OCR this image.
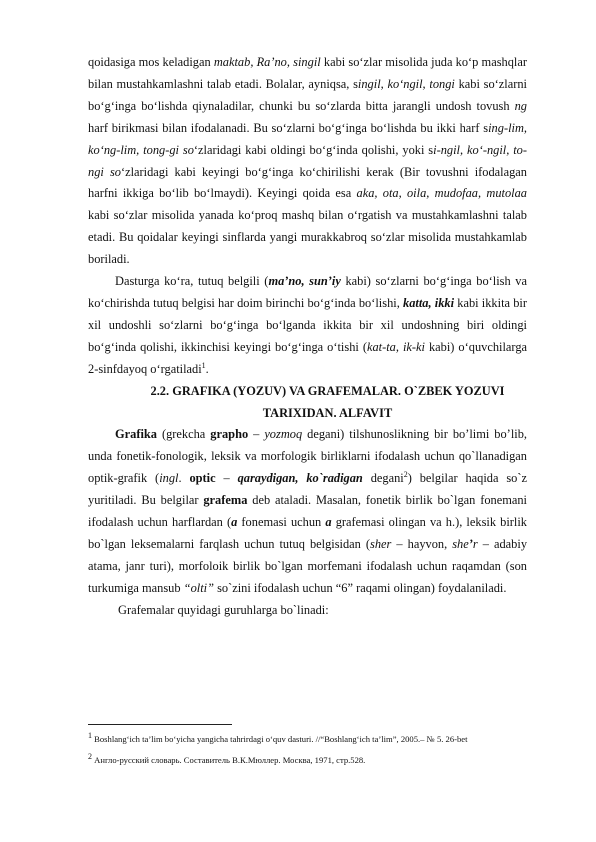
qoidasiga mos keladigan maktab, Ra’no, singil kabi so‘zlar misolida juda ko‘p mashqlar bilan mustahkamlashni talab etadi. Bolalar, ayniqsa, singil, ko‘ngil, tongi kabi so‘zlarni bo‘g‘inga bo‘lishda qiynaladilar, chunki bu so‘zlarda bitta jarangli undosh tovush ng harf birikmasi bilan ifodalanadi. Bu so‘zlarni bo‘g‘inga bo‘lishda bu ikki harf sing-lim, ko‘ng-lim, tong-gi so‘zlaridagi kabi oldingi bo‘g‘inda qolishi, yoki si-ngil, ko‘-ngil, to-ngi so‘zlaridagi kabi keyingi bo‘g‘inga ko‘chirilishi kerak (Bir tovushni ifodalagan harfni ikkiga bo‘lib bo‘lmaydi). Keyingi qoida esa aka, ota, oila, mudofaa, mutolaa kabi so‘zlar misolida yanada ko‘proq mashq bilan o‘rgatish va mustahkamlashni talab etadi. Bu qoidalar keyingi sinflarda yangi murakkabroq so‘zlar misolida mustahkamlab boriladi.

Dasturga ko‘ra, tutuq belgili (ma’no, sun’iy kabi) so‘zlarni bo‘g‘inga bo‘lish va ko‘chirishda tutuq belgisi har doim birinchi bo‘g‘inda bo‘lishi, katta, ikki kabi ikkita bir xil undoshli so‘zlarni bo‘g‘inga bo‘lganda ikkita bir xil undoshning biri oldingi bo‘g‘inda qolishi, ikkinchisi keyingi bo‘g‘inga o‘tishi (kat-ta, ik-ki kabi) o‘quvchilarga 2-sinfdayoq o‘rgatiladi$^1$.

2.2. GRAFIKA (YOZUV) VA GRAFEMALAR. O`ZBEK YOZUVI
TARIXIDAN. ALFAVIT

Grafika (grekcha grapho – yozmoq degani) tilshunoslikning bir bo’limi bo’lib, unda fonetik-fonologik, leksik va morfologik birliklarni ifodalash uchun qo`llanadigan optik-grafik (ingl. optic – qaraydigan, ko`radigan degani$^2$) belgilar haqida so`z yuritiladi. Bu belgilar grafema deb ataladi. Masalan, fonetik birlik bo`lgan fonemani ifodalash uchun harflardan (a fonemasi uchun a grafemasi olingan va h.), leksik birlik bo`lgan leksemalarni farqlash uchun tutuq belgisidan (sher – hayvon, she’r – adabiy atama, janr turi), morfoloik birlik bo`lgan morfemani ifodalash uchun raqamdan (son turkumiga mansub “olti” so`zini ifodalash uchun “6” raqami olingan) foydalaniladi.

Grafemalar quyidagi guruhlarga bo`linadi:

$^1$ Boshlang‘ich ta’lim bo‘yicha yangicha tahrirdagi o‘quv dasturi. //“Boshlang‘ich ta’lim”, 2005.– № 5. 26-bet

$^2$ Англо-русский словарь. Составитель В.К.Мюллер. Москва, 1971, стр.528.
